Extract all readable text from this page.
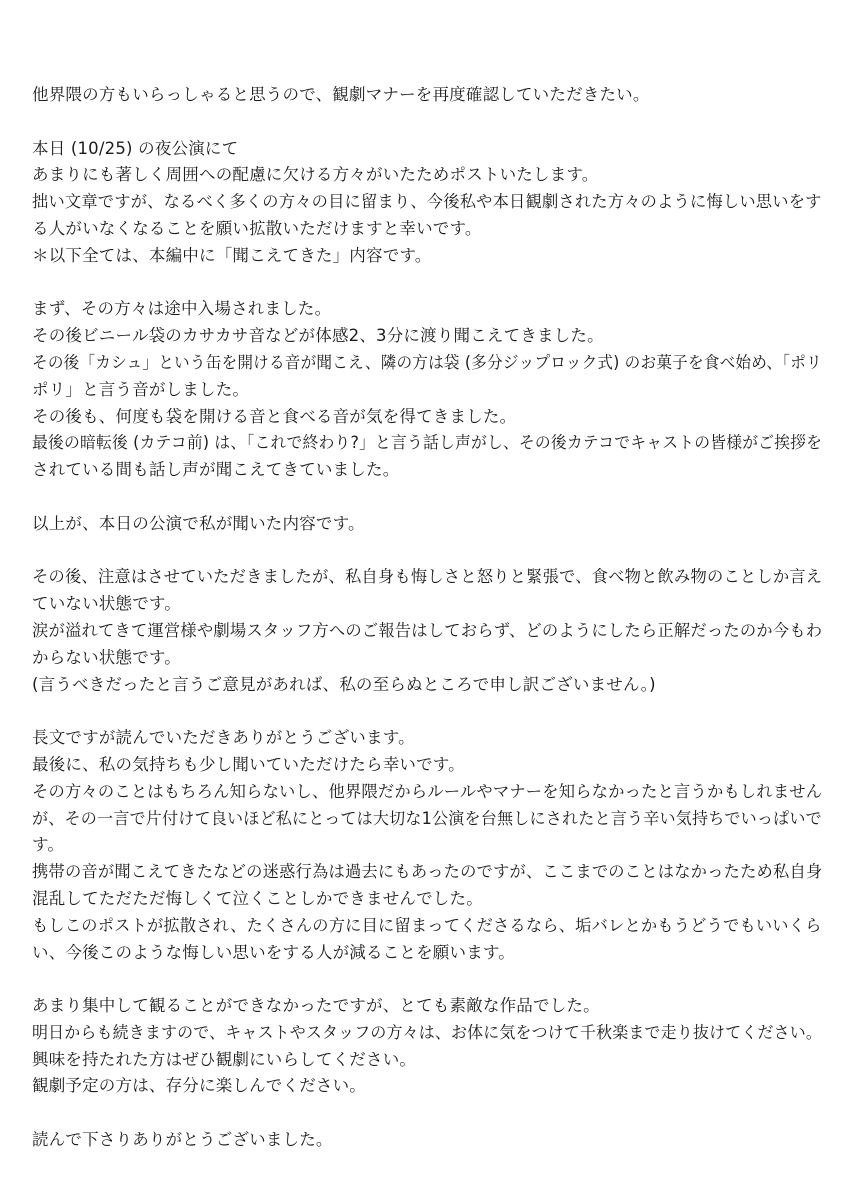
他界隈の方もいらっしゃると思うので、観劇マナーを再度確認していただきたい。
本日 (10/25) の夜公演にて
あまりにも著しく周囲への配慮に欠ける方々がいたためポストいたします。
拙い文章ですが、なるべく多くの方々の目に留まり、今後私や本日観劇された方々のように悔しい思いをす
る人がいなくなることを願い拡散いただけますと幸いです。
＊以下全ては、本編中に「聞こえてきた」内容です。
まず、その方々は途中入場されました。
その後ビニール袋のカサカサ音などが体感2、3分に渡り聞こえてきました。
その後「カシュ」という缶を開ける音が聞こえ、隣の方は袋 (多分ジップロック式) のお菓子を食べ始め、「ポリ
ポリ」と言う音がしました。
その後も、何度も袋を開ける音と食べる音が気を得てきました。
最後の暗転後 (カテコ前) は、「これで終わり?」と言う話し声がし、その後カテコでキャストの皆様がご挨拶を
されている間も話し声が聞こえてきていました。
以上が、本日の公演で私が聞いた内容です。
その後、注意はさせていただきましたが、私自身も悔しさと怒りと緊張で、食べ物と飲み物のことしか言え
ていない状態です。
涙が溢れてきて運営様や劇場スタッフ方へのご報告はしておらず、どのようにしたら正解だったのか今もわ
からない状態です。
(言うべきだったと言うご意見があれば、私の至らぬところで申し訳ございません。)
長文ですが読んでいただきありがとうございます。
最後に、私の気持ちも少し聞いていただけたら幸いです。
その方々のことはもちろん知らないし、他界隈だからルールやマナーを知らなかったと言うかもしれません
が、その一言で片付けて良いほど私にとっては大切な1公演を台無しにされたと言う辛い気持ちでいっぱいで
す。
携帯の音が聞こえてきたなどの迷惑行為は過去にもあったのですが、ここまでのことはなかったため私自身
混乱してただただ悔しくて泣くことしかできませんでした。
もしこのポストが拡散され、たくさんの方に目に留まってくださるなら、垢バレとかもうどうでもいいくら
い、今後このような悔しい思いをする人が減ることを願います。
あまり集中して観ることができなかったですが、とても素敵な作品でした。
明日からも続きますので、キャストやスタッフの方々は、お体に気をつけて千秋楽まで走り抜けてください。
興味を持たれた方はぜひ観劇にいらしてください。
観劇予定の方は、存分に楽しんでください。
読んで下さりありがとうございました。
